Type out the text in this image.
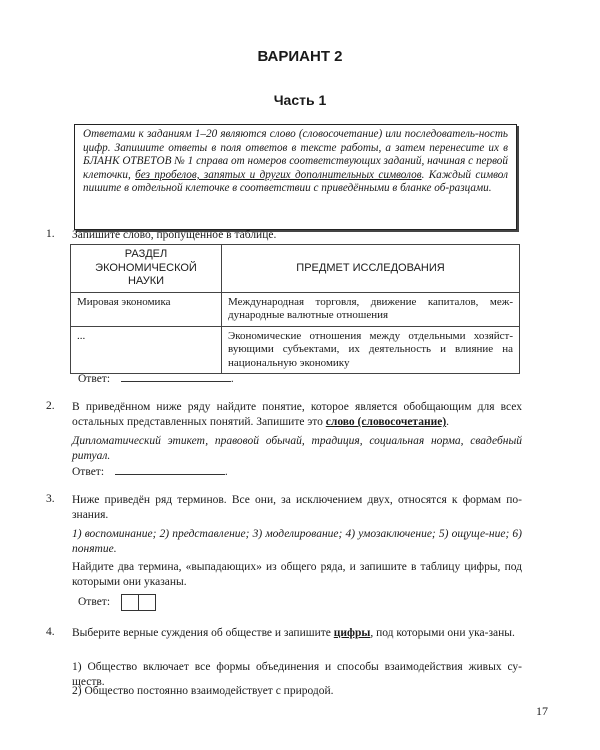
ВАРИАНТ 2
Часть 1
Ответами к заданиям 1–20 являются слово (словосочетание) или последователь-ность цифр. Запишите ответы в поля ответов в тексте работы, а затем перенесите их в БЛАНК ОТВЕТОВ № 1 справа от номеров соответствующих заданий, начиная с первой клеточки, без пробелов, запятых и других дополнительных символов. Каждый символ пишите в отдельной клеточке в соответствии с приведёнными в бланке об-разцами.
1. Запишите слово, пропущенное в таблице.
РАЗДЕЛ ЭКОНОМИЧЕСКОЙ НАУКИ	ПРЕДМЕТ ИССЛЕДОВАНИЯ
Мировая экономика	Международная торговля, движение капиталов, меж-дународные валютные отношения
...	Экономические отношения между отдельными хозяйст-вующими субъектами, их деятельность и влияние на национальную экономику
Ответ:	.
2. В приведённом ниже ряду найдите понятие, которое является обобщающим для всех остальных представленных понятий. Запишите это слово (словосочетание).
Дипломатический этикет, правовой обычай, традиция, социальная норма, свадебный ритуал.
Ответ:	.
3. Ниже приведён ряд терминов. Все они, за исключением двух, относятся к формам по-знания.
1) воспоминание; 2) представление; 3) моделирование; 4) умозаключение; 5) ощуще-ние; 6) понятие.
Найдите два термина, «выпадающих» из общего ряда, и запишите в таблицу цифры, под которыми они указаны.
Ответ:
4. Выберите верные суждения об обществе и запишите цифры, под которыми они ука-заны.
1) Общество включает все формы объединения и способы взаимодействия живых су-ществ.
2) Общество постоянно взаимодействует с природой.
17
